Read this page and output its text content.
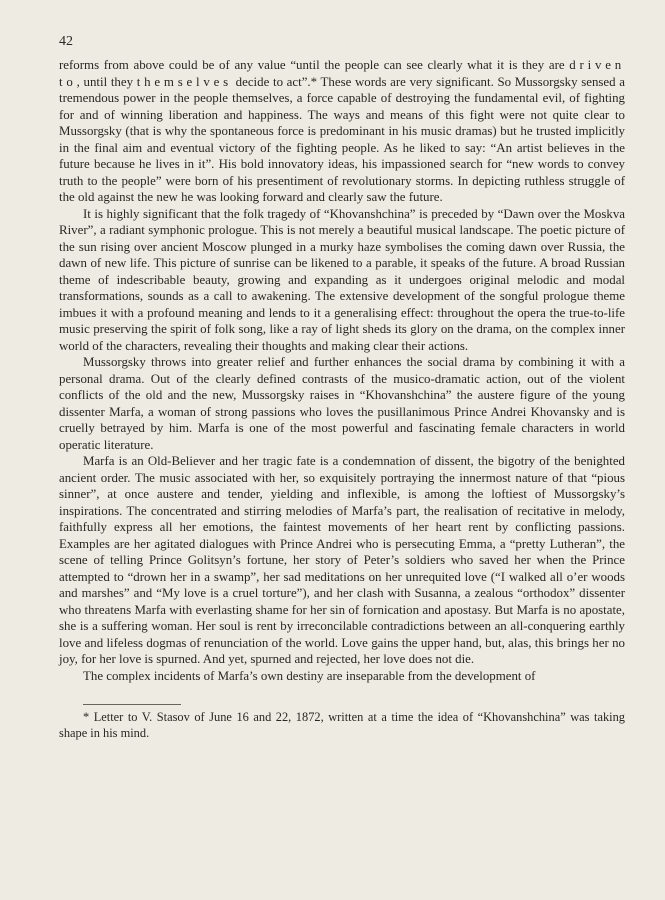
42

reforms from above could be of any value “until the people can see clearly what it is they are driven to, until they themselves decide to act”.* These words are very significant. So Mussorgsky sensed a tremendous power in the people themselves, a force capable of destroying the fundamental evil, of fighting for and of winning liberation and happiness. The ways and means of this fight were not quite clear to Mussorgsky (that is why the spontaneous force is predominant in his music dramas) but he trusted implicitly in the final aim and eventual victory of the fighting people. As he liked to say: “An artist believes in the future because he lives in it”. His bold innovatory ideas, his impassioned search for “new words to convey truth to the people” were born of his presentiment of revolutionary storms. In depicting ruthless struggle of the old against the new he was looking forward and clearly saw the future.

It is highly significant that the folk tragedy of “Khovanshchina” is preceded by “Dawn over the Moskva River”, a radiant symphonic prologue. This is not merely a beautiful musical landscape. The poetic picture of the sun rising over ancient Moscow plunged in a murky haze symbolises the coming dawn over Russia, the dawn of new life. This picture of sunrise can be likened to a parable, it speaks of the future. A broad Russian theme of indescribable beauty, growing and expanding as it undergoes original melodic and modal transformations, sounds as a call to awakening. The extensive development of the songful prologue theme imbues it with a profound meaning and lends to it a generalising effect: throughout the opera the true-to-life music preserving the spirit of folk song, like a ray of light sheds its glory on the drama, on the complex inner world of the characters, revealing their thoughts and making clear their actions.

Mussorgsky throws into greater relief and further enhances the social drama by combining it with a personal drama. Out of the clearly defined contrasts of the musico-dramatic action, out of the violent conflicts of the old and the new, Mussorgsky raises in “Khovanshchina” the austere figure of the young dissenter Marfa, a woman of strong passions who loves the pusillanimous Prince Andrei Khovansky and is cruelly betrayed by him. Marfa is one of the most powerful and fascinating female characters in world operatic literature.

Marfa is an Old-Believer and her tragic fate is a condemnation of dissent, the bigotry of the benighted ancient order. The music associated with her, so exquisitely portraying the innermost nature of that “pious sinner”, at once austere and tender, yielding and inflexible, is among the loftiest of Mussorgsky’s inspirations. The concentrated and stirring melodies of Marfa’s part, the realisation of recitative in melody, faithfully express all her emotions, the faintest movements of her heart rent by conflicting passions. Examples are her agitated dialogues with Prince Andrei who is persecuting Emma, a “pretty Lutheran”, the scene of telling Prince Golitsyn’s fortune, her story of Peter’s soldiers who saved her when the Prince attempted to “drown her in a swamp”, her sad meditations on her unrequited love (“I walked all o’er woods and marshes” and “My love is a cruel torture”), and her clash with Susanna, a zealous “orthodox” dissenter who threatens Marfa with everlasting shame for her sin of fornication and apostasy. But Marfa is no apostate, she is a suffering woman. Her soul is rent by irreconcilable contradictions between an all-conquering earthly love and lifeless dogmas of renunciation of the world. Love gains the upper hand, but, alas, this brings her no joy, for her love is spurned. And yet, spurned and rejected, her love does not die.

The complex incidents of Marfa’s own destiny are inseparable from the development of

* Letter to V. Stasov of June 16 and 22, 1872, written at a time the idea of “Khovanshchina” was taking shape in his mind.
